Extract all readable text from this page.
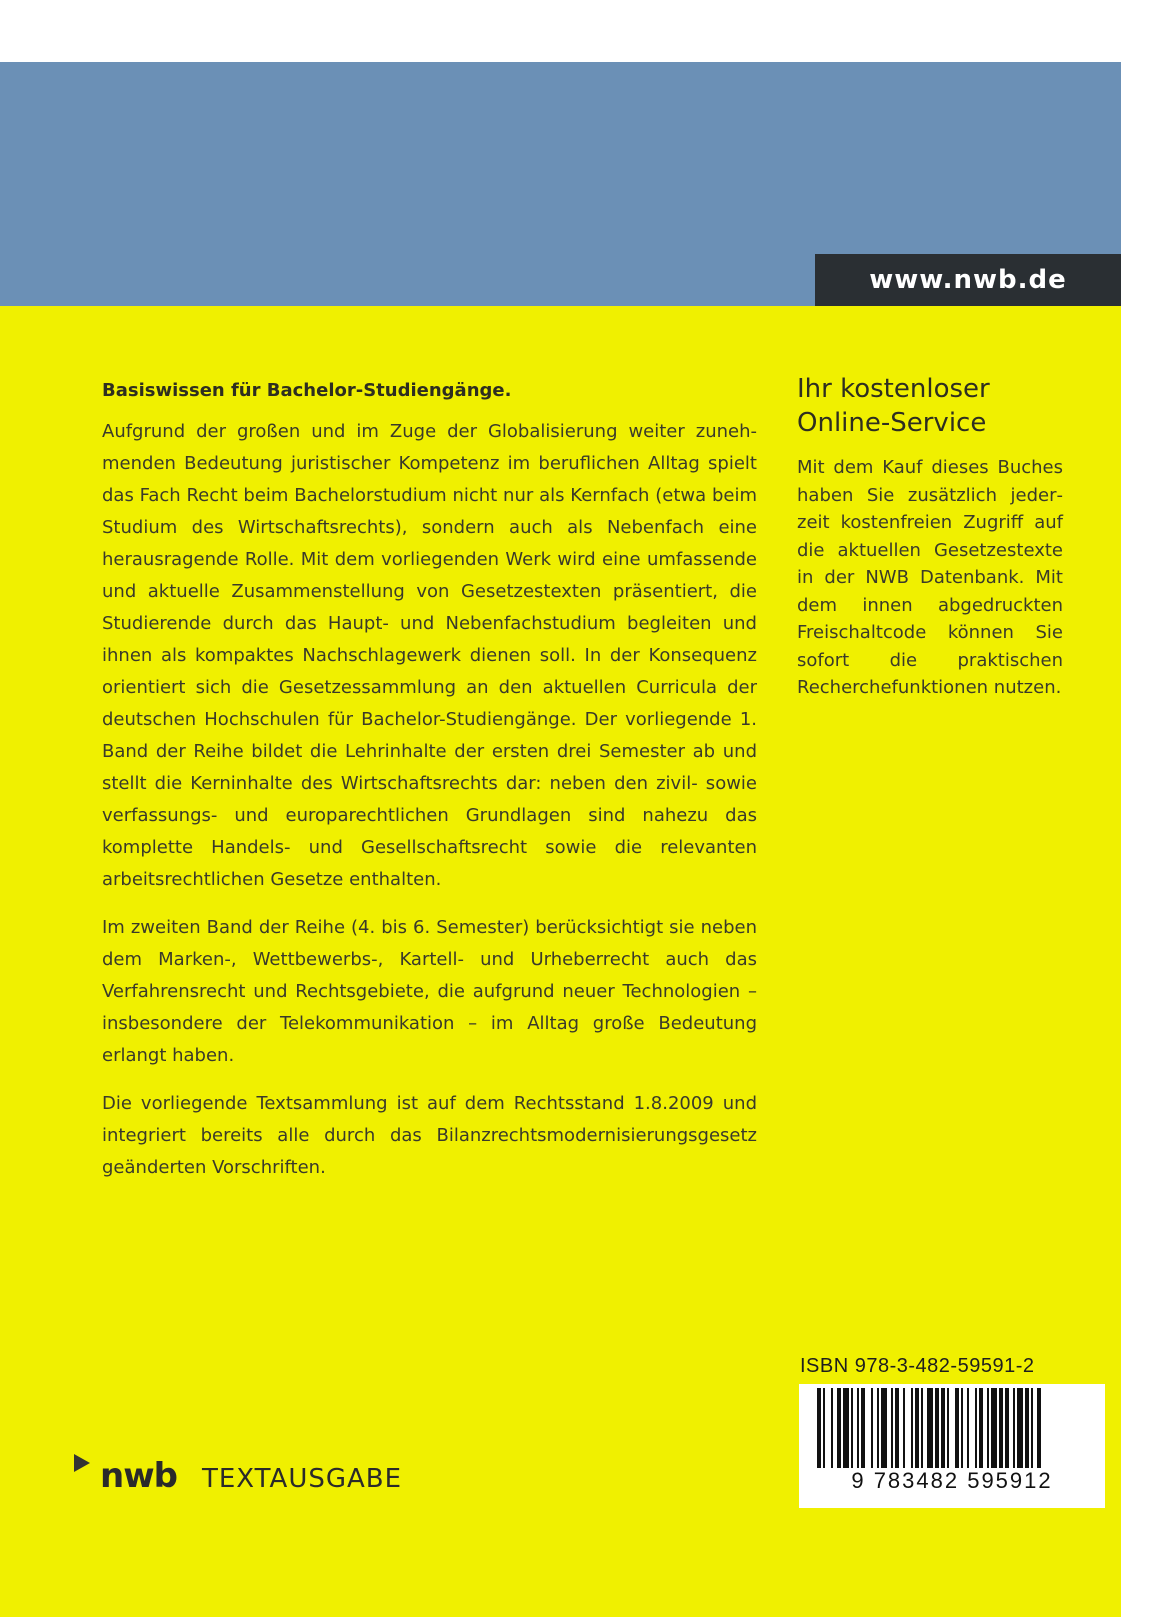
www.nwb.de
Basiswissen für Bachelor-Studiengänge.

Aufgrund der großen und im Zuge der Globalisierung weiter zunehmenden Bedeutung juristischer Kompetenz im beruflichen Alltag spielt das Fach Recht beim Bachelorstudium nicht nur als Kernfach (etwa beim Studium des Wirtschaftsrechts), sondern auch als Nebenfach eine herausragende Rolle. Mit dem vorliegenden Werk wird eine umfassende und aktuelle Zusammenstellung von Gesetzestexten präsentiert, die Studierende durch das Haupt- und Nebenfachstudium begleiten und ihnen als kompaktes Nachschlagewerk dienen soll. In der Konsequenz orientiert sich die Gesetzessammlung an den aktuellen Curricula der deutschen Hochschulen für Bachelor-Studiengänge. Der vorliegende 1. Band der Reihe bildet die Lehrinhalte der ersten drei Semester ab und stellt die Kerninhalte des Wirtschaftsrechts dar: neben den zivil- sowie verfassungs- und europarechtlichen Grundlagen sind nahezu das komplette Handels- und Gesellschaftsrecht sowie die relevanten arbeitsrechtlichen Gesetze enthalten.

Im zweiten Band der Reihe (4. bis 6. Semester) berücksichtigt sie neben dem Marken-, Wettbewerbs-, Kartell- und Urheberrecht auch das Verfahrensrecht und Rechtsgebiete, die aufgrund neuer Technologien – insbesondere der Telekommunikation – im Alltag große Bedeutung erlangt haben.

Die vorliegende Textsammlung ist auf dem Rechtsstand 1.8.2009 und integriert bereits alle durch das Bilanzrechtsmodernisierungsgesetz geänderten Vorschriften.

Ihr kostenloser
Online-Service

Mit dem Kauf dieses Buches haben Sie zusätzlich jederzeit kostenfreien Zugriff auf die aktuellen Gesetzestexte in der NWB Datenbank. Mit dem innen abgedruckten Freischaltcode können Sie sofort die praktischen Recherchefunktionen nutzen.

ISBN 978-3-482-59591-2
9 783482 595912
nwb TEXTAUSGABE
